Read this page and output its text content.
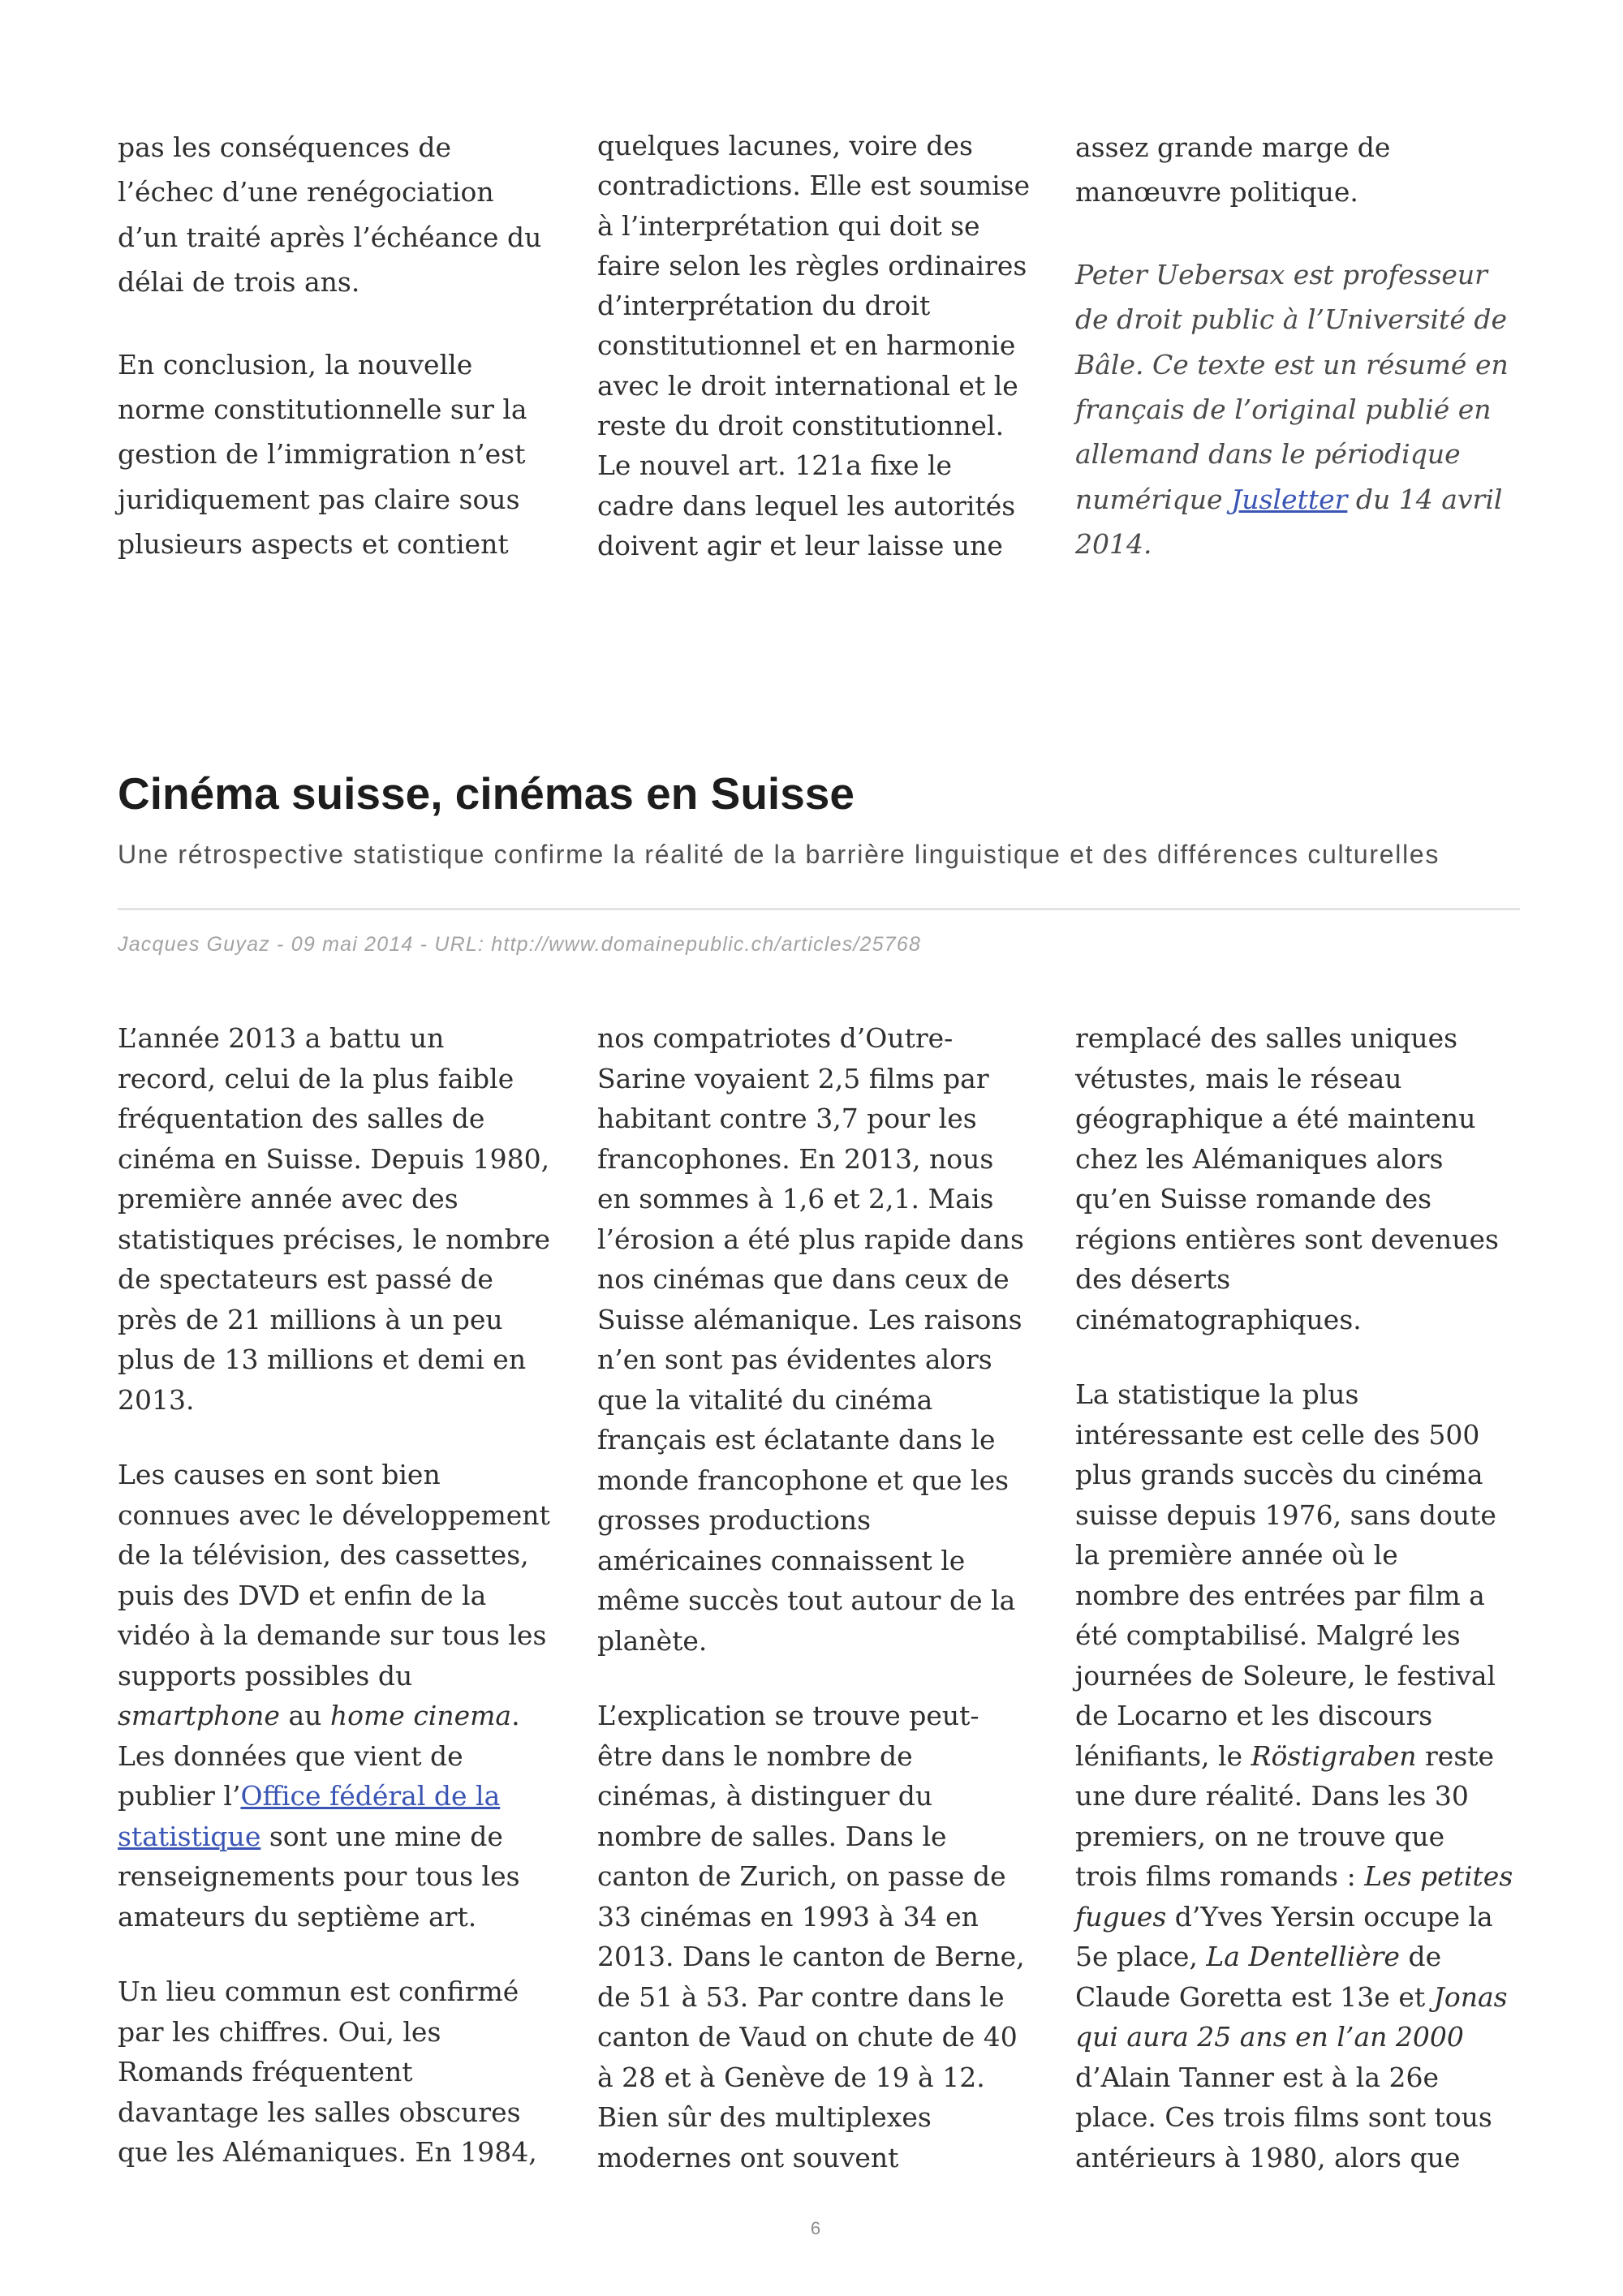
pas les conséquences de
l’échec d’une renégociation
d’un traité après l’échéance du
délai de trois ans.
En conclusion, la nouvelle
norme constitutionnelle sur la
gestion de l’immigration n’est
juridiquement pas claire sous
plusieurs aspects et contient
quelques lacunes, voire des
contradictions. Elle est soumise
à l’interprétation qui doit se
faire selon les règles ordinaires
d’interprétation du droit
constitutionnel et en harmonie
avec le droit international et le
reste du droit constitutionnel.
Le nouvel art. 121a fixe le
cadre dans lequel les autorités
doivent agir et leur laisse une
assez grande marge de
manœuvre politique.
Peter Uebersax est professeur
de droit public à l’Université de
Bâle. Ce texte est un résumé en
français de l’original publié en
allemand dans le périodique
numérique Jusletter du 14 avril
2014.
Cinéma suisse, cinémas en Suisse
Une rétrospective statistique confirme la réalité de la barrière linguistique et des différences culturelles
Jacques Guyaz - 09 mai 2014 - URL: http://www.domainepublic.ch/articles/25768
L’année 2013 a battu un
record, celui de la plus faible
fréquentation des salles de
cinéma en Suisse. Depuis 1980,
première année avec des
statistiques précises, le nombre
de spectateurs est passé de
près de 21 millions à un peu
plus de 13 millions et demi en
2013.
Les causes en sont bien
connues avec le développement
de la télévision, des cassettes,
puis des DVD et enfin de la
vidéo à la demande sur tous les
supports possibles du
smartphone au home cinema.
Les données que vient de
publier l’Office fédéral de la
statistique sont une mine de
renseignements pour tous les
amateurs du septième art.
Un lieu commun est confirmé
par les chiffres. Oui, les
Romands fréquentent
davantage les salles obscures
que les Alémaniques. En 1984,
nos compatriotes d’Outre-
Sarine voyaient 2,5 films par
habitant contre 3,7 pour les
francophones. En 2013, nous
en sommes à 1,6 et 2,1. Mais
l’érosion a été plus rapide dans
nos cinémas que dans ceux de
Suisse alémanique. Les raisons
n’en sont pas évidentes alors
que la vitalité du cinéma
français est éclatante dans le
monde francophone et que les
grosses productions
américaines connaissent le
même succès tout autour de la
planète.
L’explication se trouve peut-
être dans le nombre de
cinémas, à distinguer du
nombre de salles. Dans le
canton de Zurich, on passe de
33 cinémas en 1993 à 34 en
2013. Dans le canton de Berne,
de 51 à 53. Par contre dans le
canton de Vaud on chute de 40
à 28 et à Genève de 19 à 12.
Bien sûr des multiplexes
modernes ont souvent
remplacé des salles uniques
vétustes, mais le réseau
géographique a été maintenu
chez les Alémaniques alors
qu’en Suisse romande des
régions entières sont devenues
des déserts
cinématographiques.
La statistique la plus
intéressante est celle des 500
plus grands succès du cinéma
suisse depuis 1976, sans doute
la première année où le
nombre des entrées par film a
été comptabilisé. Malgré les
journées de Soleure, le festival
de Locarno et les discours
lénifiants, le Röstigraben reste
une dure réalité. Dans les 30
premiers, on ne trouve que
trois films romands : Les petites
fugues d’Yves Yersin occupe la
5e place, La Dentellière de
Claude Goretta est 13e et Jonas
qui aura 25 ans en l’an 2000
d’Alain Tanner est à la 26e
place. Ces trois films sont tous
antérieurs à 1980, alors que
6
